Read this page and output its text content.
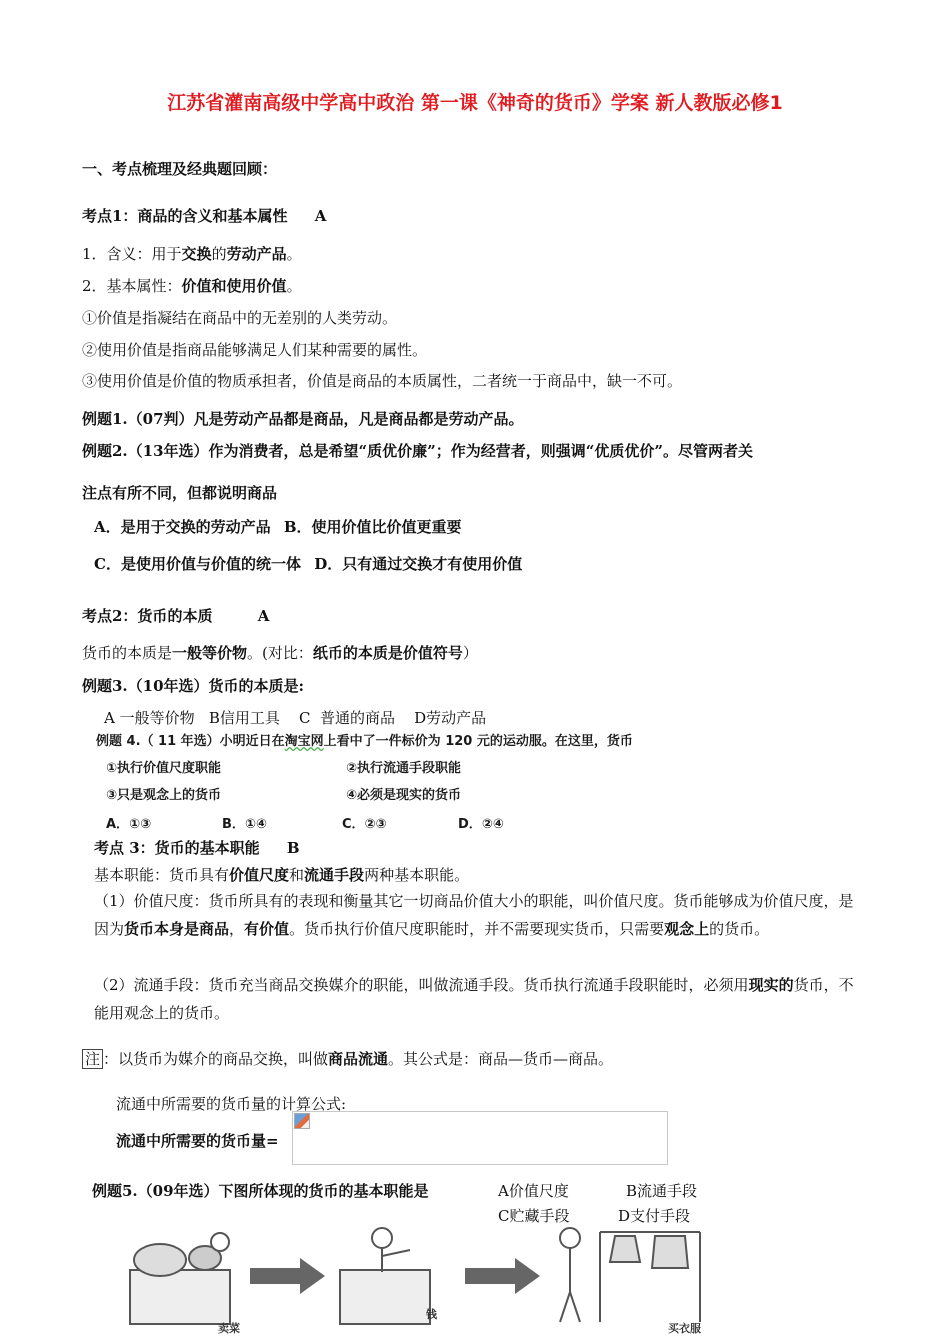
江苏省灌南高级中学高中政治 第一课《神奇的货币》学案 新人教版必修1
一、考点梳理及经典题回顾：
考点1：商品的含义和基本属性 A
1．含义：用于交换的劳动产品。
2．基本属性：价值和使用价值。
①价值是指凝结在商品中的无差别的人类劳动。
②使用价值是指商品能够满足人们某种需要的属性。
③使用价值是价值的物质承担者，价值是商品的本质属性，二者统一于商品中，缺一不可。
例题1.（07判）凡是劳动产品都是商品，凡是商品都是劳动产品。
例题2.（13年选）作为消费者，总是希望“质优价廉”；作为经营者，则强调“优质优价”。尽管两者关
注点有所不同，但都说明商品
A．是用于交换的劳动产品 B．使用价值比价值更重要
C．是使用价值与价值的统一体 D．只有通过交换才有使用价值
考点2：货币的本质	A
货币的本质是一般等价物。(对比：纸币的本质是价值符号）
例题3.（10年选）货币的本质是:
A 一般等价物   B信用工具    C  普通的商品    D劳动产品
例题 4.（ 11 年选）小明近日在淘宝网上看中了一件标价为 120 元的运动服。在这里，货币
①执行价值尺度职能	②执行流通手段职能
③只是观念上的货币	④必须是现实的货币
A．①③	B．①④	C．②③	D．②④
考点 3：货币的基本职能 B
基本职能：货币具有价值尺度和流通手段两种基本职能。
（1）价值尺度：货币所具有的表现和衡量其它一切商品价值大小的职能，叫价值尺度。货币能够成为价值尺度，是因为货币本身是商品，有价值。货币执行价值尺度职能时，并不需要现实货币，只需要观念上的货币。
（2）流通手段：货币充当商品交换媒介的职能，叫做流通手段。货币执行流通手段职能时，必须用现实的货币，不能用观念上的货币。
注 ：以货币为媒介的商品交换，叫做商品流通。其公式是：商品—货币—商品。
流通中所需要的货币量的计算公式:
流通中所需要的货币量=
例题5.（09年选）下图所体现的货币的基本职能是	A价值尺度	B流通手段
C贮藏手段	D支付手段
卖菜
钱
买衣服
